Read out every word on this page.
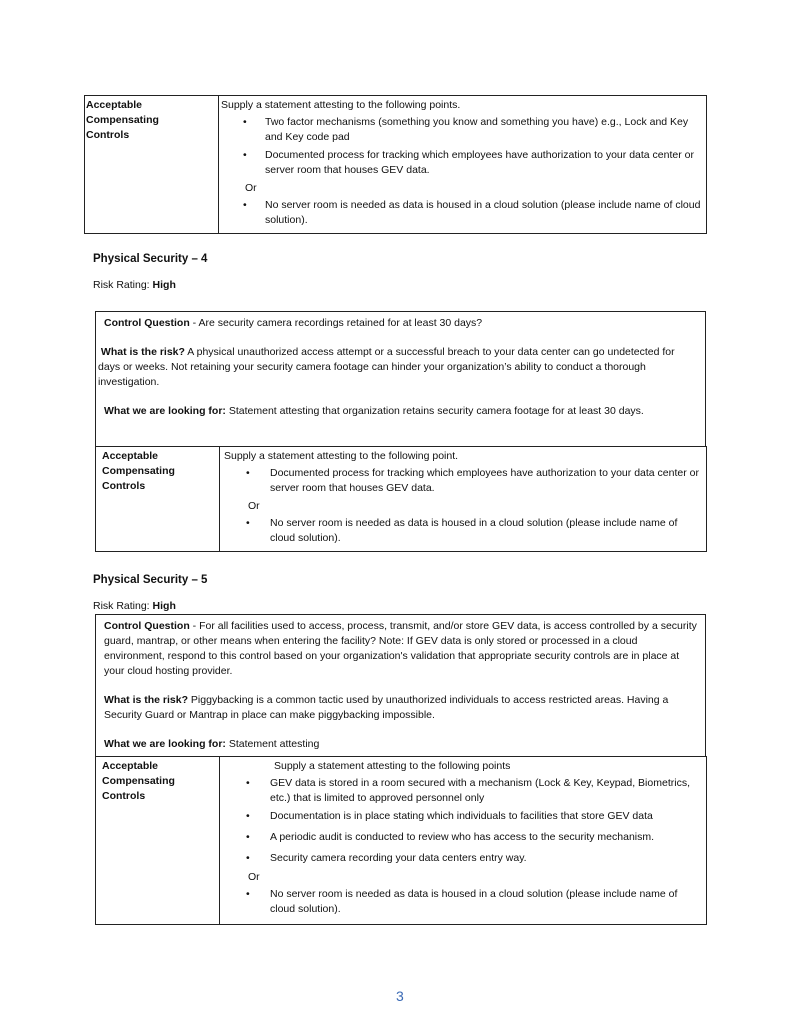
Acceptable
Compensating
Controls

Supply a statement attesting to the following points.
• Two factor mechanisms (something you know and something you have) e.g., Lock and Key and Key code pad
• Documented process for tracking which employees have authorization to your data center or server room that houses GEV data.
Or
• No server room is needed as data is housed in a cloud solution (please include name of cloud solution).
Physical Security – 4
Risk Rating: High

Control Question - Are security camera recordings retained for at least 30 days?

What is the risk? A physical unauthorized access attempt or a successful breach to your data center can go undetected for days or weeks. Not retaining your security camera footage can hinder your organization’s ability to conduct a thorough investigation.

What we are looking for: Statement attesting that organization retains security camera footage for at least 30 days.

Acceptable
Compensating
Controls

Supply a statement attesting to the following point.
• Documented process for tracking which employees have authorization to your data center or server room that houses GEV data.
Or
• No server room is needed as data is housed in a cloud solution (please include name of cloud solution).
Physical Security – 5
Risk Rating: High

Control Question - For all facilities used to access, process, transmit, and/or store GEV data, is access controlled by a security guard, mantrap, or other means when entering the facility? Note: If GEV data is only stored or processed in a cloud environment, respond to this control based on your organization's validation that appropriate security controls are in place at your cloud hosting provider.

What is the risk? Piggybacking is a common tactic used by unauthorized individuals to access restricted areas. Having a Security Guard or Mantrap in place can make piggybacking impossible.

What we are looking for: Statement attesting

Acceptable
Compensating
Controls

Supply a statement attesting to the following points
• GEV data is stored in a room secured with a mechanism (Lock & Key, Keypad, Biometrics, etc.) that is limited to approved personnel only
• Documentation is in place stating which individuals to facilities that store GEV data
• A periodic audit is conducted to review who has access to the security mechanism.
• Security camera recording your data centers entry way.
Or
• No server room is needed as data is housed in a cloud solution (please include name of cloud solution).
3
